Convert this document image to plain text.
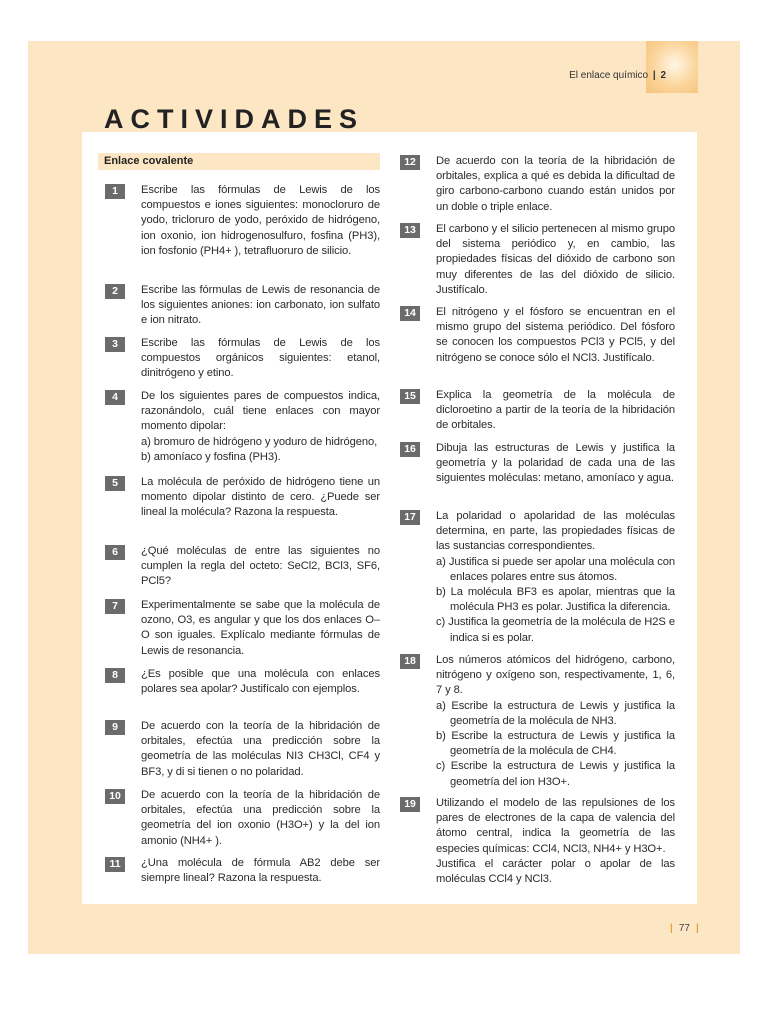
El enlace químico | 2
ACTIVIDADES
Enlace covalente
1	Escribe las fórmulas de Lewis de los compuestos e iones siguientes: monocloruro de yodo, tricloruro de yodo, peróxido de hidrógeno, ion oxonio, ion hidrogenosulfuro, fosfina (PH3), ion fosfonio (PH4+ ), tetrafluoruro de silicio.
2	Escribe las fórmulas de Lewis de resonancia de los siguientes aniones: ion carbonato, ion sulfato e ion nitrato.
3	Escribe las fórmulas de Lewis de los compuestos orgánicos siguientes: etanol, dinitrógeno y etino.
4	De los siguientes pares de compuestos indica, razonándolo, cuál tiene enlaces con mayor momento dipolar:
a) bromuro de hidrógeno y yoduro de hidrógeno,
b) amoníaco y fosfina (PH3).
5	La molécula de peróxido de hidrógeno tiene un momento dipolar distinto de cero. ¿Puede ser lineal la molécula? Razona la respuesta.
6	¿Qué moléculas de entre las siguientes no cumplen la regla del octeto: SeCl2, BCl3, SF6, PCl5?
7	Experimentalmente se sabe que la molécula de ozono, O3, es angular y que los dos enlaces O–O son iguales. Explícalo mediante fórmulas de Lewis de resonancia.
8	¿Es posible que una molécula con enlaces polares sea apolar? Justifícalo con ejemplos.
9	De acuerdo con la teoría de la hibridación de orbitales, efectúa una predicción sobre la geometría de las moléculas NI3 CH3Cl, CF4 y BF3, y di si tienen o no polaridad.
10	De acuerdo con la teoría de la hibridación de orbitales, efectúa una predicción sobre la geometría del ion oxonio (H3O+) y la del ion amonio (NH4+ ).
11	¿Una molécula de fórmula AB2 debe ser siempre lineal? Razona la respuesta.
12	De acuerdo con la teoría de la hibridación de orbitales, explica a qué es debida la dificultad de giro carbono-carbono cuando están unidos por un doble o triple enlace.
13	El carbono y el silicio pertenecen al mismo grupo del sistema periódico y, en cambio, las propiedades físicas del dióxido de carbono son muy diferentes de las del dióxido de silicio. Justifícalo.
14	El nitrógeno y el fósforo se encuentran en el mismo grupo del sistema periódico. Del fósforo se conocen los compuestos PCl3 y PCl5, y del nitrógeno se conoce sólo el NCl3. Justifícalo.
15	Explica la geometría de la molécula de dicloroetino a partir de la teoría de la hibridación de orbitales.
16	Dibuja las estructuras de Lewis y justifica la geometría y la polaridad de cada una de las siguientes moléculas: metano, amoníaco y agua.
17	La polaridad o apolaridad de las moléculas determina, en parte, las propiedades físicas de las sustancias correspondientes.
a) Justifica si puede ser apolar una molécula con enlaces polares entre sus átomos.
b) La molécula BF3 es apolar, mientras que la molécula PH3 es polar. Justifica la diferencia.
c) Justifica la geometría de la molécula de H2S e indica si es polar.
18	Los números atómicos del hidrógeno, carbono, nitrógeno y oxígeno son, respectivamente, 1, 6, 7 y 8.
a) Escribe la estructura de Lewis y justifica la geometría de la molécula de NH3.
b) Escribe la estructura de Lewis y justifica la geometría de la molécula de CH4.
c) Escribe la estructura de Lewis y justifica la geometría del ion H3O+.
19	Utilizando el modelo de las repulsiones de los pares de electrones de la capa de valencia del átomo central, indica la geometría de las especies químicas: CCl4, NCl3, NH4+ y H3O+.
Justifica el carácter polar o apolar de las moléculas CCl4 y NCl3.
| 77 |
